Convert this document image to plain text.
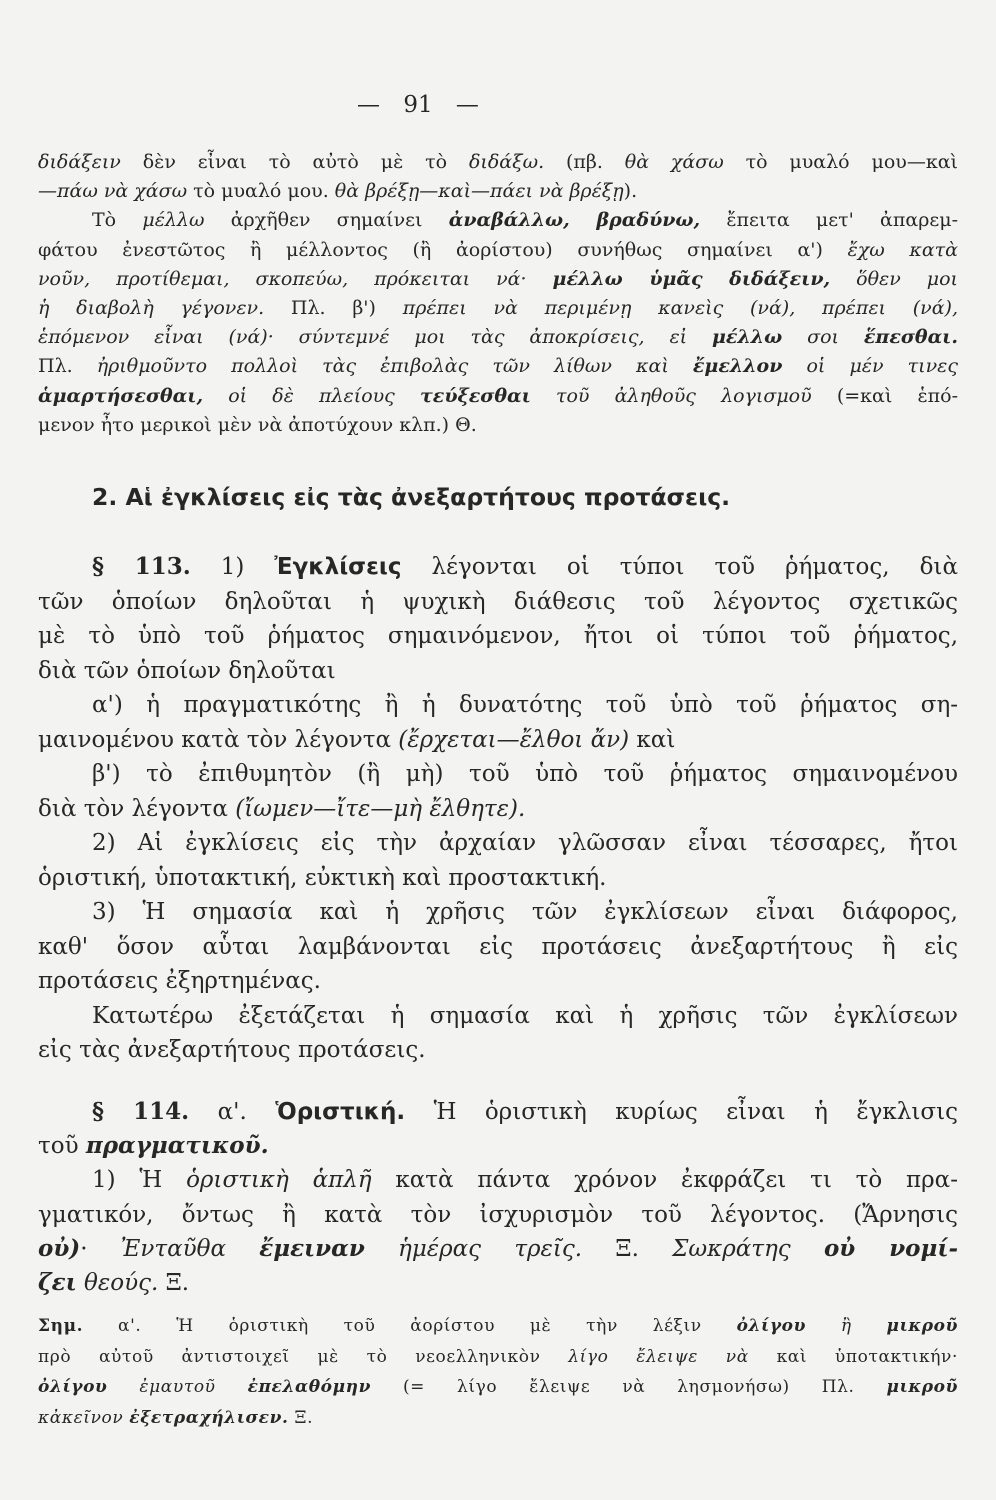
— 91 —
διδάξειν δὲν εἶναι τὸ αὐτὸ μὲ τὸ διδάξω. (πβ. θὰ χάσω τὸ μυαλό μου—καὶ
—πάω νὰ χάσω τὸ μυαλό μου. θὰ βρέξῃ—καὶ—πάει νὰ βρέξῃ).
Τὸ μέλλω ἀρχῆθεν σημαίνει ἀναβάλλω, βραδύνω, ἔπειτα μετ' ἀπαρεμ-
φάτου ἐνεστῶτος ἢ μέλλοντος (ἢ ἀορίστου) συνήθως σημαίνει α') ἔχω κατὰ
νοῦν, προτίθεμαι, σκοπεύω, πρόκειται νά· μέλλω ὑμᾶς διδάξειν, ὅθεν μοι
ἡ διαβολὴ γέγονεν. Πλ. β') πρέπει νὰ περιμένῃ κανεὶς (νά), πρέπει (νά),
ἑπόμενον εἶναι (νά)· σύντεμνέ μοι τὰς ἀποκρίσεις, εἰ μέλλω σοι ἕπεσθαι.
Πλ. ἠριθμοῦντο πολλοὶ τὰς ἐπιβολὰς τῶν λίθων καὶ ἔμελλον οἱ μέν τινες
ἁμαρτήσεσθαι, οἱ δὲ πλείους τεύξεσθαι τοῦ ἀληθοῦς λογισμοῦ (=καὶ ἑπό-
μενον ἦτο μερικοὶ μὲν νὰ ἀποτύχουν κλπ.) Θ.
2. Αἱ ἐγκλίσεις εἰς τὰς ἀνεξαρτήτους προτάσεις.
§ 113. 1) Ἐγκλίσεις λέγονται οἱ τύποι τοῦ ῥήματος, διὰ
τῶν ὁποίων δηλοῦται ἡ ψυχικὴ διάθεσις τοῦ λέγοντος σχετικῶς
μὲ τὸ ὑπὸ τοῦ ῥήματος σημαινόμενον, ἤτοι οἱ τύποι τοῦ ῥήματος,
διὰ τῶν ὁποίων δηλοῦται
α') ἡ πραγματικότης ἢ ἡ δυνατότης τοῦ ὑπὸ τοῦ ῥήματος ση-
μαινομένου κατὰ τὸν λέγοντα (ἔρχεται—ἔλθοι ἄν) καὶ
β') τὸ ἐπιθυμητὸν (ἢ μὴ) τοῦ ὑπὸ τοῦ ῥήματος σημαινομένου
διὰ τὸν λέγοντα (ἴωμεν—ἴτε—μὴ ἔλθητε).
2) Αἱ ἐγκλίσεις εἰς τὴν ἀρχαίαν γλῶσσαν εἶναι τέσσαρες, ἤτοι
ὁριστική, ὑποτακτική, εὐκτικὴ καὶ προστακτική.
3) Ἡ σημασία καὶ ἡ χρῆσις τῶν ἐγκλίσεων εἶναι διάφορος,
καθ' ὅσον αὗται λαμβάνονται εἰς προτάσεις ἀνεξαρτήτους ἢ εἰς
προτάσεις ἐξηρτημένας.
Κατωτέρω ἐξετάζεται ἡ σημασία καὶ ἡ χρῆσις τῶν ἐγκλίσεων
εἰς τὰς ἀνεξαρτήτους προτάσεις.
§ 114. α'. Ὁριστική. Ἡ ὁριστικὴ κυρίως εἶναι ἡ ἔγκλισις
τοῦ πραγματικοῦ.
1) Ἡ ὁριστικὴ ἁπλῆ κατὰ πάντα χρόνον ἐκφράζει τι τὸ πρα-
γματικόν, ὄντως ἢ κατὰ τὸν ἰσχυρισμὸν τοῦ λέγοντος. (Ἄρνησις
οὐ)· Ἐνταῦθα ἔμειναν ἡμέρας τρεῖς. Ξ. Σωκράτης οὐ νομί-
ζει θεούς. Ξ.
Σημ. α'. Ἡ ὁριστικὴ τοῦ ἀορίστου μὲ τὴν λέξιν ὀλίγου ἢ μικροῦ
πρὸ αὐτοῦ ἀντιστοιχεῖ μὲ τὸ νεοελληνικὸν λίγο ἔλειψε νὰ καὶ ὑποτακτικήν·
ὀλίγου ἐμαυτοῦ ἐπελαθόμην (= λίγο ἔλειψε νὰ λησμονήσω) Πλ. μικροῦ
κἀκεῖνον ἐξετραχήλισεν. Ξ.
